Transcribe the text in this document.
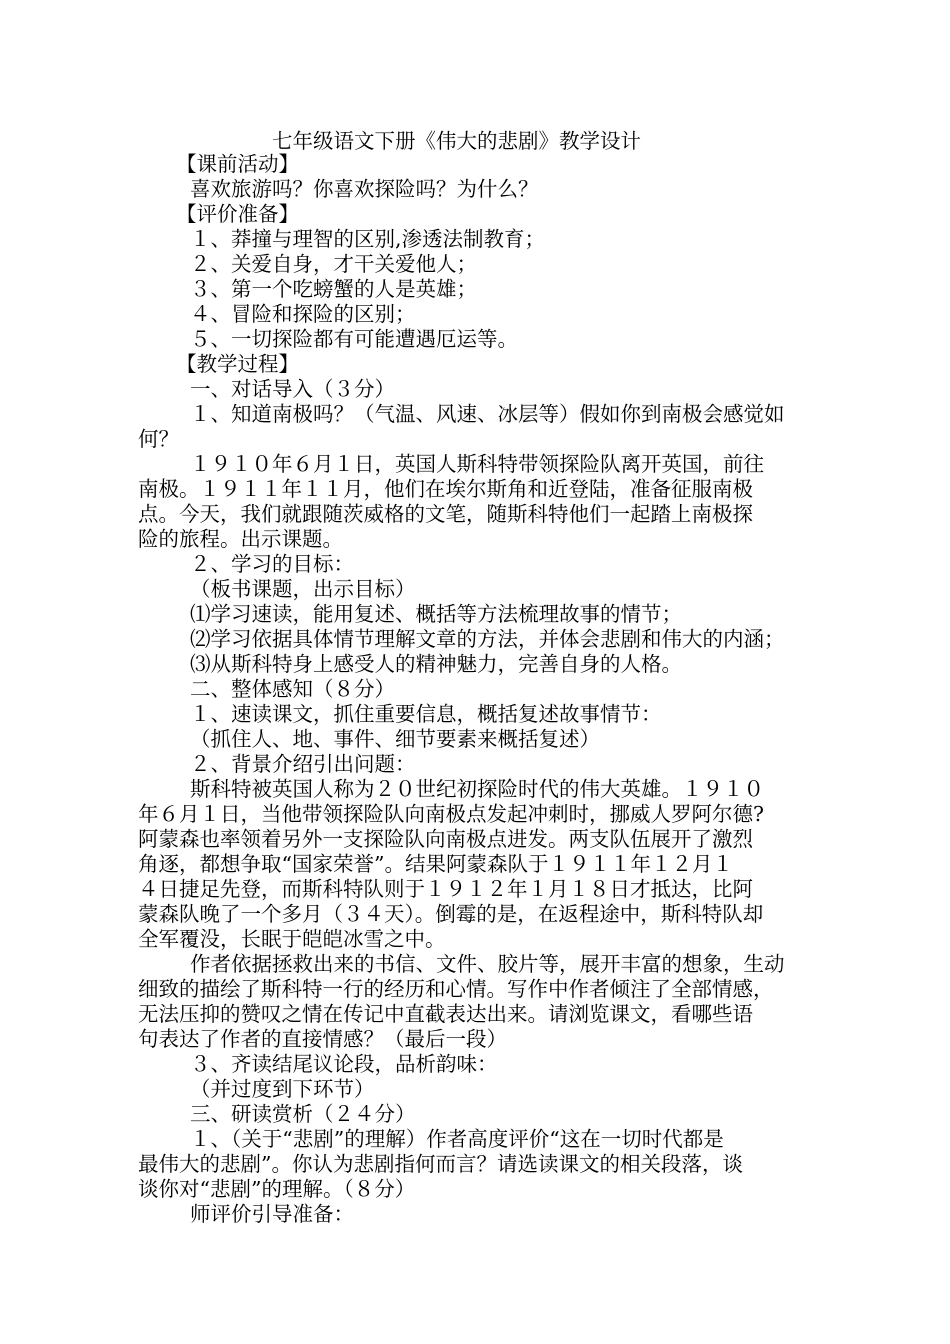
七年级语文下册《伟大的悲剧》教学设计
【课前活动】
喜欢旅游吗？你喜欢探险吗？为什么？
【评价准备】
１、莽撞与理智的区别,渗透法制教育；
２、关爱自身，才干关爱他人；
３、第一个吃螃蟹的人是英雄；
４、冒险和探险的区别；
５、一切探险都有可能遭遇厄运等。
【教学过程】
一、对话导入（３分）
１、知道南极吗？（气温、风速、冰层等）假如你到南极会感觉如
何？
１９１０年６月１日，英国人斯科特带领探险队离开英国，前往
南极。１９１１年１１月，他们在埃尔斯角和近登陆，准备征服南极
点。今天，我们就跟随茨威格的文笔，随斯科特他们一起踏上南极探
险的旅程。出示课题。
２、学习的目标：
（板书课题，出示目标）
⑴学习速读，能用复述、概括等方法梳理故事的情节；
⑵学习依据具体情节理解文章的方法，并体会悲剧和伟大的内涵；
⑶从斯科特身上感受人的精神魅力，完善自身的人格。
二、整体感知（８分）
１、速读课文，抓住重要信息，概括复述故事情节：
（抓住人、地、事件、细节要素来概括复述）
２、背景介绍引出问题：
斯科特被英国人称为２０世纪初探险时代的伟大英雄。１９１０
年６月１日，当他带领探险队向南极点发起冲刺时，挪威人罗阿尔德?
阿蒙森也率领着另外一支探险队向南极点进发。两支队伍展开了激烈
角逐，都想争取“国家荣誉”。结果阿蒙森队于１９１１年１２月１
４日捷足先登，而斯科特队则于１９１２年１月１８日才抵达，比阿
蒙森队晚了一个多月（３４天）。倒霉的是，在返程途中，斯科特队却
全军覆没，长眠于皑皑冰雪之中。
作者依据拯救出来的书信、文件、胶片等，展开丰富的想象，生动
细致的描绘了斯科特一行的经历和心情。写作中作者倾注了全部情感，
无法压抑的赞叹之情在传记中直截表达出来。请浏览课文，看哪些语
句表达了作者的直接情感？（最后一段）
３、齐读结尾议论段，品析韵味：
（并过度到下环节）
三、研读赏析（２４分）
１、（关于“悲剧”的理解）作者高度评价“这在一切时代都是
最伟大的悲剧”。你认为悲剧指何而言？请选读课文的相关段落，谈
谈你对“悲剧”的理解。（８分）
师评价引导准备：
